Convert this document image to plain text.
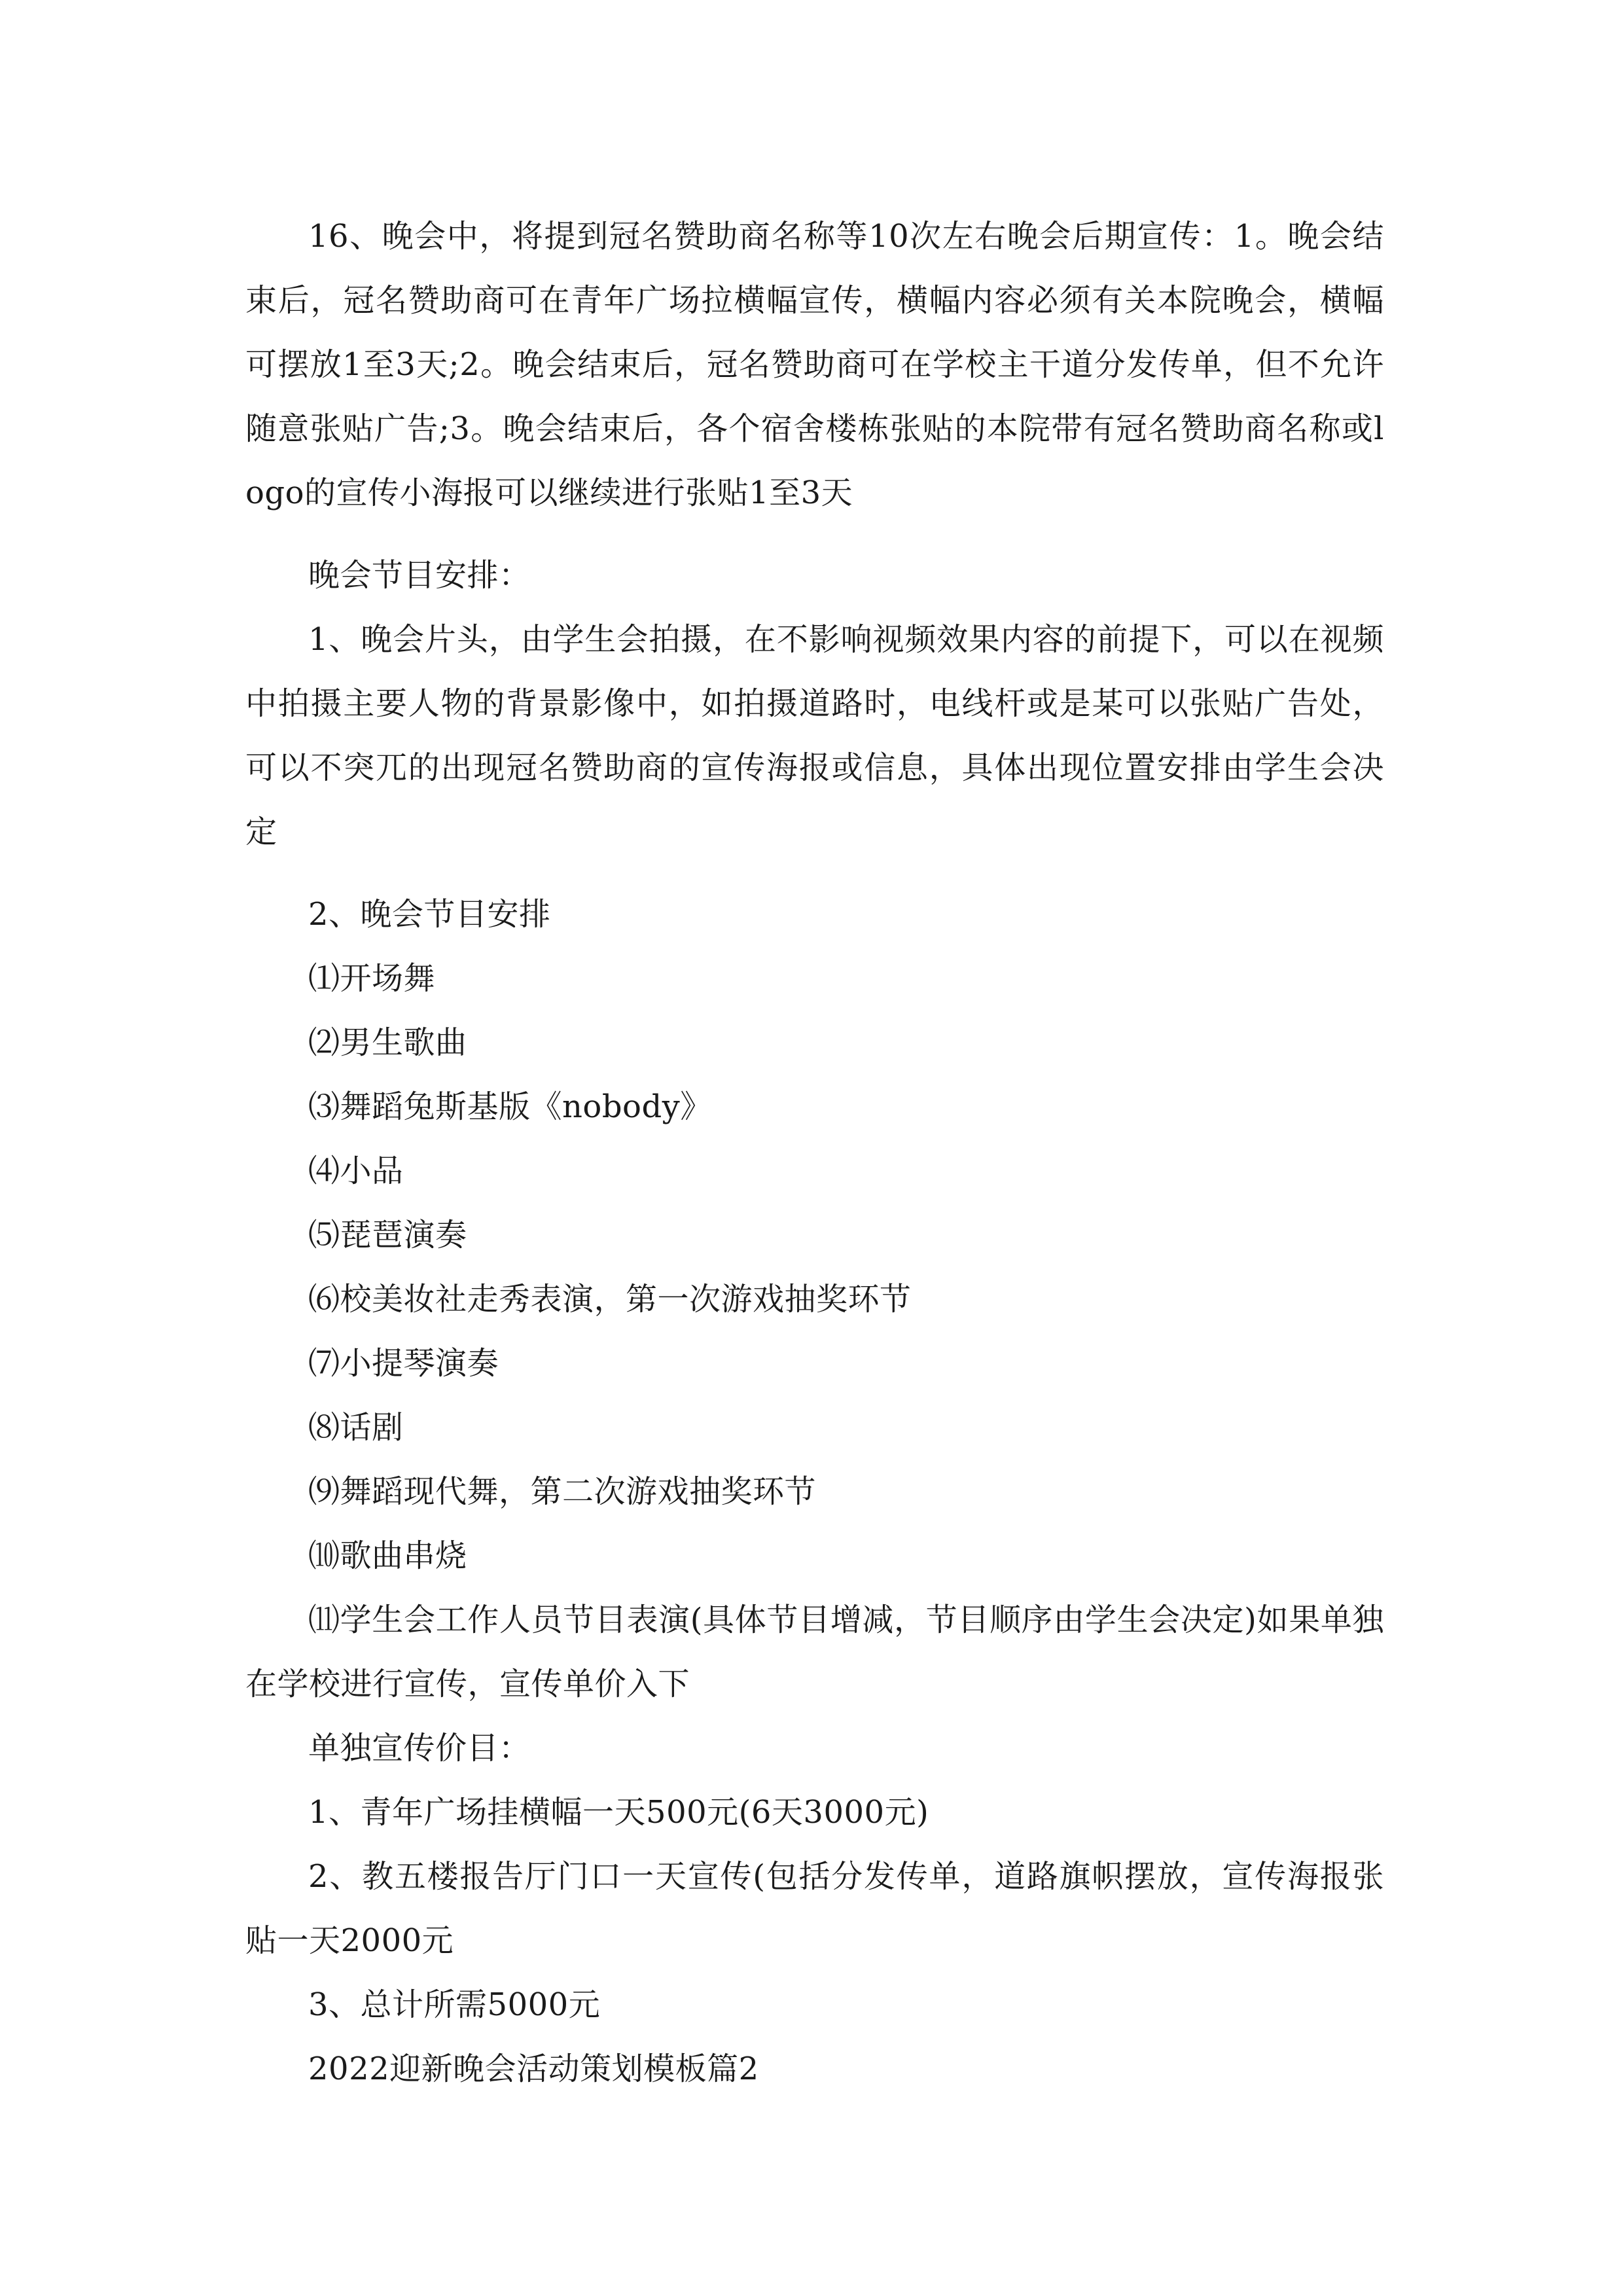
16、晚会中，将提到冠名赞助商名称等10次左右晚会后期宣传：1。晚会结束后，冠名赞助商可在青年广场拉横幅宣传，横幅内容必须有关本院晚会，横幅可摆放1至3天;2。晚会结束后，冠名赞助商可在学校主干道分发传单，但不允许随意张贴广告;3。晚会结束后，各个宿舍楼栋张贴的本院带有冠名赞助商名称或logo的宣传小海报可以继续进行张贴1至3天

晚会节目安排：

1、晚会片头，由学生会拍摄，在不影响视频效果内容的前提下，可以在视频中拍摄主要人物的背景影像中，如拍摄道路时，电线杆或是某可以张贴广告处，可以不突兀的出现冠名赞助商的宣传海报或信息，具体出现位置安排由学生会决定

2、晚会节目安排

⑴开场舞

⑵男生歌曲

⑶舞蹈兔斯基版《nobody》

⑷小品

⑸琵琶演奏

⑹校美妆社走秀表演，第一次游戏抽奖环节

⑺小提琴演奏

⑻话剧

⑼舞蹈现代舞，第二次游戏抽奖环节

⑽歌曲串烧

⑾学生会工作人员节目表演(具体节目增减，节目顺序由学生会决定)如果单独在学校进行宣传，宣传单价入下

单独宣传价目：

1、青年广场挂横幅一天500元(6天3000元)

2、教五楼报告厅门口一天宣传(包括分发传单，道路旗帜摆放，宣传海报张贴一天2000元

3、总计所需5000元

2022迎新晚会活动策划模板篇2
